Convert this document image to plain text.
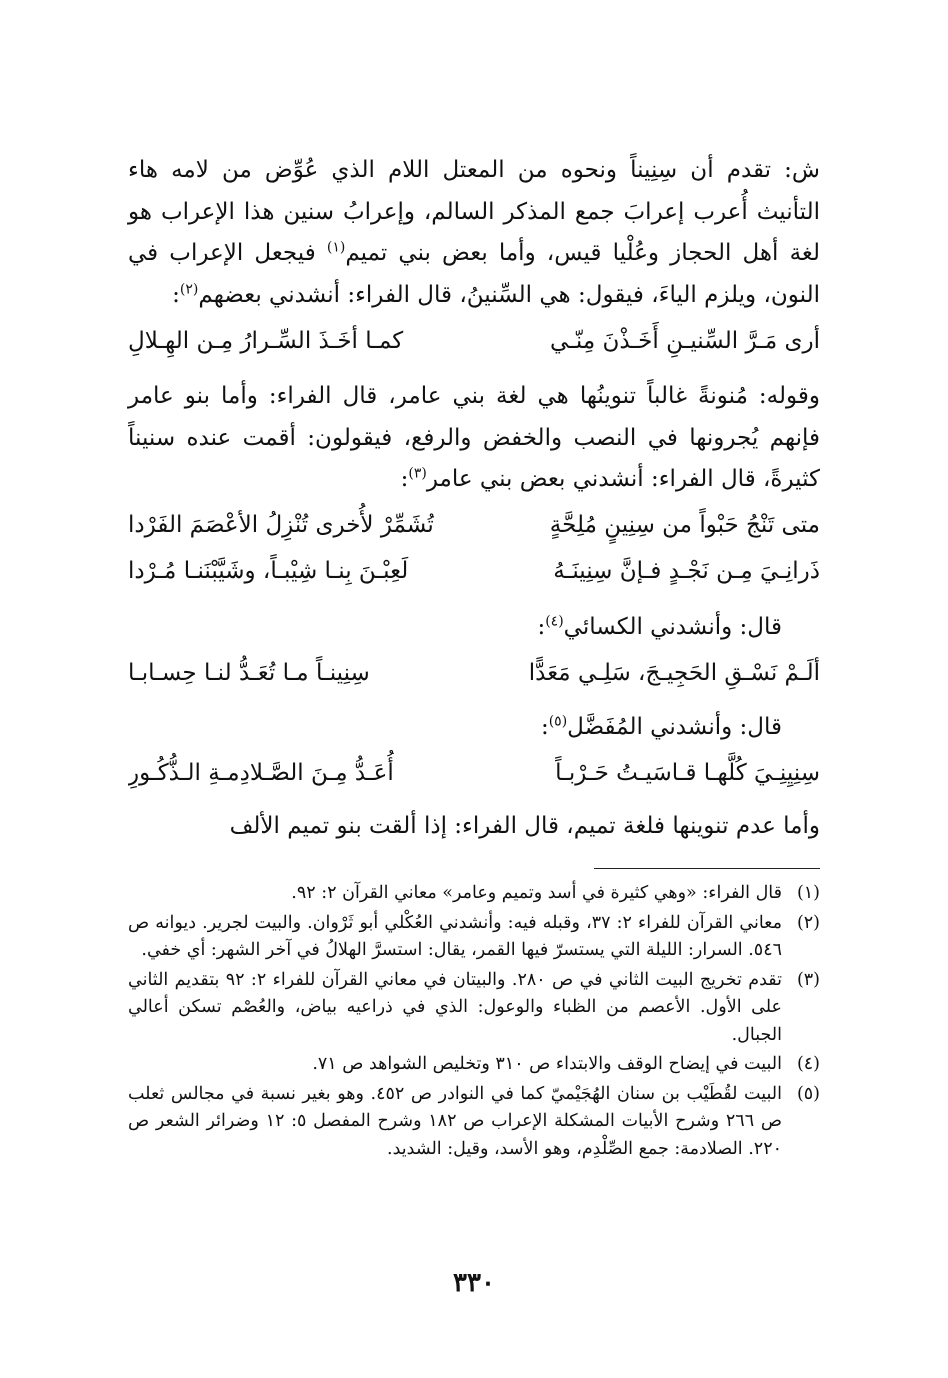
ش: تقدم أن سِنِيناً ونحوه من المعتل اللام الذي عُوِّض من لامه هاء التأنيث أُعرب إعرابَ جمع المذكر السالم، وإعرابُ سنين هذا الإعراب هو لغة أهل الحجاز وعُلْيا قيس، وأما بعض بني تميم$^{(١)}$ فيجعل الإعراب في النون، ويلزم الياءَ، فيقول: هي السِّنينُ، قال الفراء: أنشدني بعضهم$^{(٢)}$:

أرى مَـرَّ السِّنيـنِ أَخَـذْنَ مِنّـي
كمـا أخَـذَ السِّـرارُ مِـن الهِـلالِ

وقوله: مُنونةً غالباً تنوينُها هي لغة بني عامر، قال الفراء: وأما بنو عامر فإنهم يُجرونها في النصب والخفض والرفع، فيقولون: أقمت عنده سنيناً كثيرةً، قال الفراء: أنشدني بعض بني عامر$^{(٣)}$:

متى تَنْجُ حَبْواً من سِنِينٍ مُلِحَّةٍ
تُشَمِّرْ لأُخرى تُنْزِلُ الأعْصَمَ الفَرْدا
ذَرانِـيَ مِـن نَجْـدٍ فـإنَّ سِنِينَـهُ
لَعِبْـنَ بِنـا شِيْبـاً، وشَيَّبْنَنـا مُـرْدا
قال: وأنشدني الكسائي$^{(٤)}$:
ألَـمْ نَسْـقِ الحَجِيـجَ، سَلِـي مَعَدًّا
سِنِينـاً مـا تُعَـدُّ لنـا حِسـابـا
قال: وأنشدني المُفَضَّل$^{(٥)}$:
سِنِيِنِـيَ كُلَّهـا قـاسَيـتُ حَـرْبـاً
أُعَـدُّ مِـنَ الصَّـلادِمـةِ الـذُّكُـورِ

وأما عدم تنوينها فلغة تميم، قال الفراء: إذا ألقت بنو تميم الألف

(١)
قال الفراء: «وهي كثيرة في أسد وتميم وعامر» معاني القرآن ٢: ٩٢.
(٢)
معاني القرآن للفراء ٢: ٣٧، وقبله فيه: وأنشدني العُكْلي أبو ثَرْوان. والبيت لجرير. ديوانه ص ٥٤٦. السرار: الليلة التي يستسرّ فيها القمر، يقال: استسرَّ الهلالُ في آخر الشهر: أي خفي.
(٣)
تقدم تخريج البيت الثاني في ص ٢٨٠. والبيتان في معاني القرآن للفراء ٢: ٩٢ بتقديم الثاني على الأول. الأعصم من الظباء والوعول: الذي في ذراعيه بياض، والعُصْم تسكن أعالي الجبال.
(٤)
البيت في إيضاح الوقف والابتداء ص ٣١٠ وتخليص الشواهد ص ٧١.
(٥)
البيت لقُطَيْب بن سنان الهُجَيْميّ كما في النوادر ص ٤٥٢. وهو بغير نسبة في مجالس ثعلب ص ٢٦٦ وشرح الأبيات المشكلة الإعراب ص ١٨٢ وشرح المفصل ٥: ١٢ وضرائر الشعر ص ٢٢٠. الصلادمة: جمع الصِّلْدِم، وهو الأسد، وقيل: الشديد.
٣٣٠
